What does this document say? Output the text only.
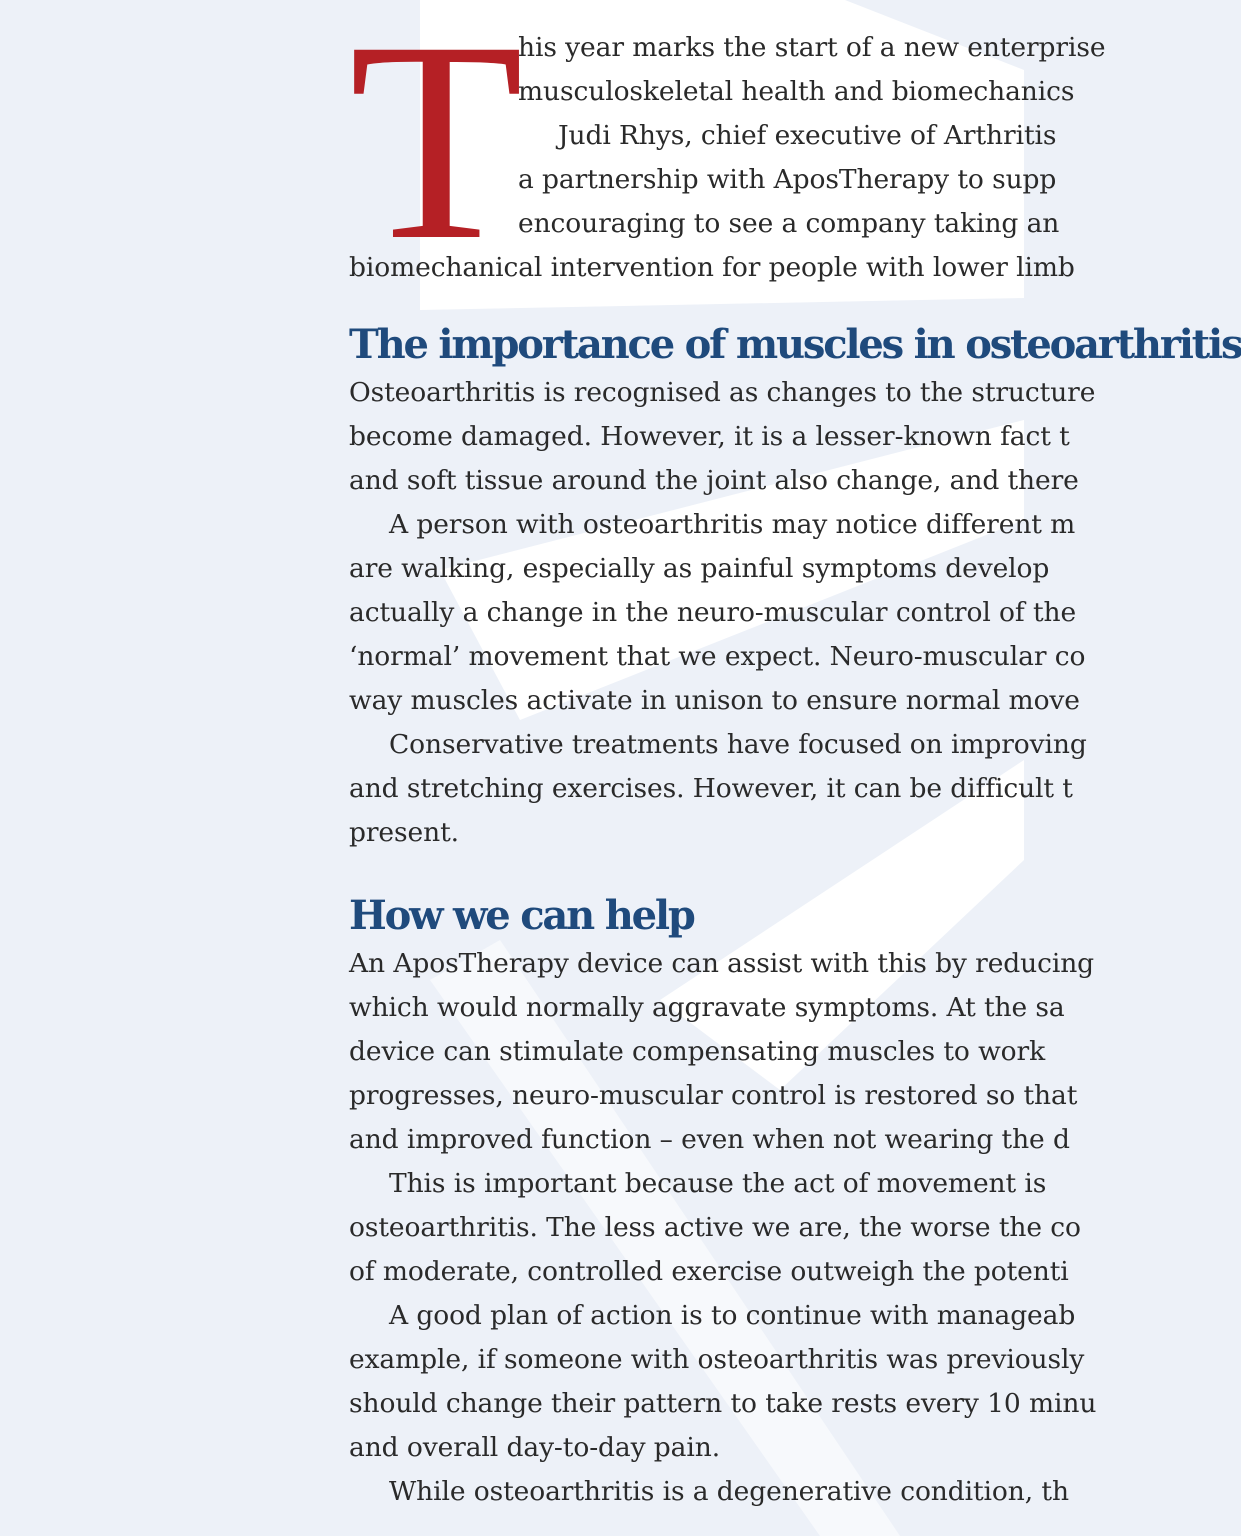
T
his year marks the start of a new enterprise
musculoskeletal health and biomechanics
Judi Rhys, chief executive of Arthritis
a partnership with AposTherapy to supp
encouraging to see a company taking an
biomechanical intervention for people with lower limb
The importance of muscles in osteoarthritis
Osteoarthritis is recognised as changes to the structure
become damaged. However, it is a lesser-known fact t
and soft tissue around the joint also change, and there
A person with osteoarthritis may notice different m
are walking, especially as painful symptoms develop
actually a change in the neuro-muscular control of the
‘normal’ movement that we expect. Neuro-muscular co
way muscles activate in unison to ensure normal move
Conservative treatments have focused on improving
and stretching exercises. However, it can be difficult t
present.
How we can help
An AposTherapy device can assist with this by reducing
which would normally aggravate symptoms. At the sa
device can stimulate compensating muscles to work
progresses, neuro-muscular control is restored so that
and improved function – even when not wearing the d
This is important because the act of movement is
osteoarthritis. The less active we are, the worse the co
of moderate, controlled exercise outweigh the potenti
A good plan of action is to continue with manageab
example, if someone with osteoarthritis was previously
should change their pattern to take rests every 10 minu
and overall day-to-day pain.
While osteoarthritis is a degenerative condition, th
